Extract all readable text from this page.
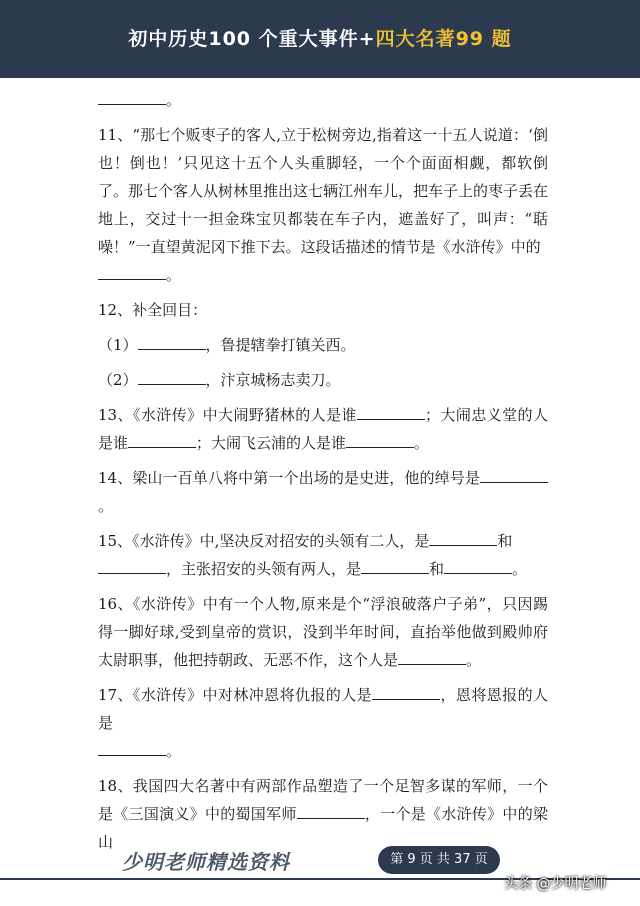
初中历史100 个重大事件+四大名著99 题

。

11、“那七个贩枣子的客人,立于松树旁边,指着这一十五人说道：‘倒也！倒也！’只见这十五个人头重脚轻，一个个面面相觑，都软倒了。那七个客人从树林里推出这七辆江州车儿，把车子上的枣子丢在地上，交过十一担金珠宝贝都装在车子内，遮盖好了，叫声：“聒噪！”一直望黄泥冈下推下去。这段话描述的情节是《水浒传》中的
。

12、补全回目：

（1）	，鲁提辖拳打镇关西。

（2）	，汴京城杨志卖刀。

13、《水浒传》中大闹野猪林的人是谁	；大闹忠义堂的人是谁	；大闹飞云浦的人是谁	。

14、梁山一百单八将中第一个出场的是史进，他的绰号是。

15、《水浒传》中,坚决反对招安的头领有二人，是	和
，主张招安的头领有两人，是	和	。

16、《水浒传》中有一个人物,原来是个“浮浪破落户子弟”，只因踢得一脚好球,受到皇帝的赏识，没到半年时间，直抬举他做到殿帅府太尉职事，他把持朝政、无恶不作，这个人是	。

17、《水浒传》中对林冲恩将仇报的人是	，恩将恩报的人是
。

18、我国四大名著中有两部作品塑造了一个足智多谋的军师，一个是《三国演义》中的蜀国军师	，一个是《水浒传》中的梁山

少明老师精选资料	第 9 页 共 37 页
头条 @少明老师
